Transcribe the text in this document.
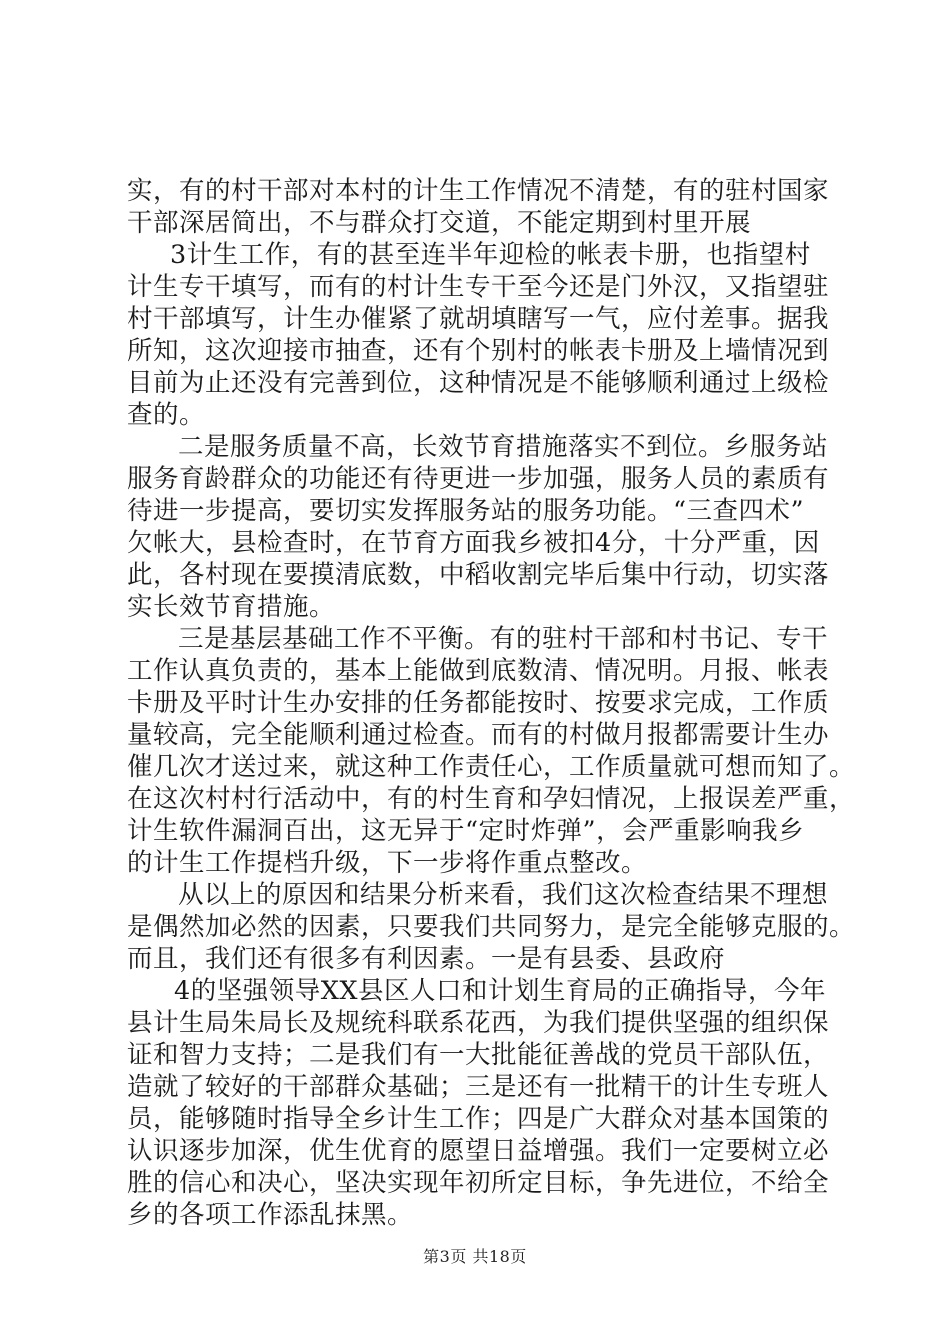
实，有的村干部对本村的计生工作情况不清楚，有的驻村国家
干部深居简出，不与群众打交道，不能定期到村里开展
3计生工作，有的甚至连半年迎检的帐表卡册，也指望村
计生专干填写，而有的村计生专干至今还是门外汉，又指望驻
村干部填写，计生办催紧了就胡填瞎写一气，应付差事。据我
所知，这次迎接市抽查，还有个别村的帐表卡册及上墙情况到
目前为止还没有完善到位，这种情况是不能够顺利通过上级检
查的。
二是服务质量不高，长效节育措施落实不到位。乡服务站
服务育龄群众的功能还有待更进一步加强，服务人员的素质有
待进一步提高，要切实发挥服务站的服务功能。“三查四术”
欠帐大，县检查时，在节育方面我乡被扣4分，十分严重，因
此，各村现在要摸清底数，中稻收割完毕后集中行动，切实落
实长效节育措施。
三是基层基础工作不平衡。有的驻村干部和村书记、专干
工作认真负责的，基本上能做到底数清、情况明。月报、帐表
卡册及平时计生办安排的任务都能按时、按要求完成，工作质
量较高，完全能顺利通过检查。而有的村做月报都需要计生办
催几次才送过来，就这种工作责任心，工作质量就可想而知了。
在这次村村行活动中，有的村生育和孕妇情况，上报误差严重，
计生软件漏洞百出，这无异于“定时炸弹”，会严重影响我乡
的计生工作提档升级，下一步将作重点整改。
从以上的原因和结果分析来看，我们这次检查结果不理想
是偶然加必然的因素，只要我们共同努力，是完全能够克服的。
而且，我们还有很多有利因素。一是有县委、县政府
4的坚强领导XX县区人口和计划生育局的正确指导，今年
县计生局朱局长及规统科联系花西，为我们提供坚强的组织保
证和智力支持；二是我们有一大批能征善战的党员干部队伍，
造就了较好的干部群众基础；三是还有一批精干的计生专班人
员，能够随时指导全乡计生工作；四是广大群众对基本国策的
认识逐步加深，优生优育的愿望日益增强。我们一定要树立必
胜的信心和决心，坚决实现年初所定目标，争先进位，不给全
乡的各项工作添乱抹黑。
第3页 共18页
